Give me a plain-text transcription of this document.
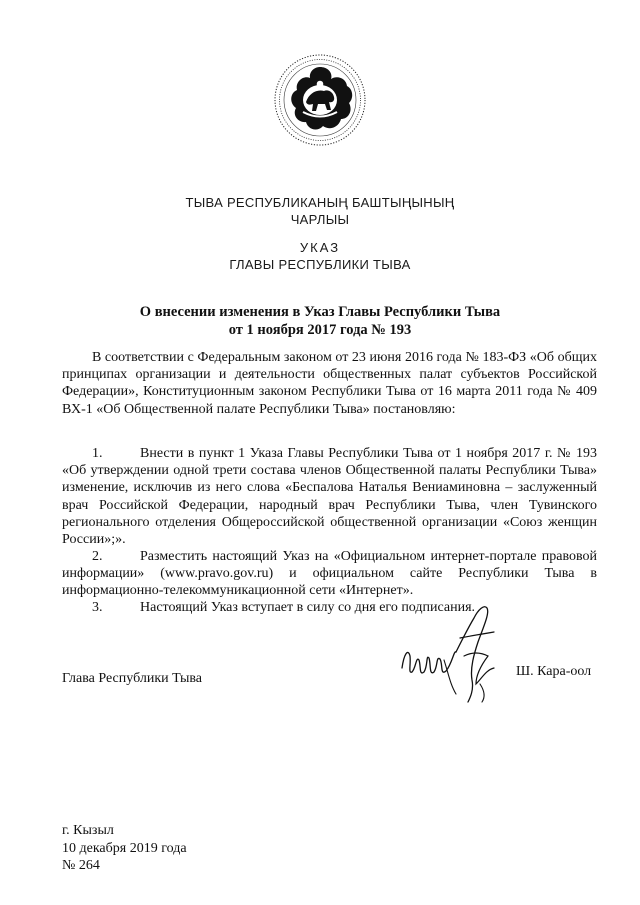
ТЫВА РЕСПУБЛИКАНЫҢ БАШТЫҢЫНЫҢ
ЧАРЛЫЫ
УКАЗ
ГЛАВЫ РЕСПУБЛИКИ ТЫВА
О внесении изменения в Указ Главы Республики Тыва
от 1 ноября 2017 года № 193
В соответствии с Федеральным законом от 23 июня 2016 года № 183-ФЗ «Об общих принципах организации и деятельности общественных палат субъектов Российской Федерации», Конституционным законом Республики Тыва от 16 марта 2011 года № 409 ВХ-1 «Об Общественной палате Республики Тыва» постановляю:
1.	Внести в пункт 1 Указа Главы Республики Тыва от 1 ноября 2017 г. № 193 «Об утверждении одной трети состава членов Общественной палаты Республики Тыва» изменение, исключив из него слова «Беспалова Наталья Вениаминовна – заслуженный врач Российской Федерации, народный врач Республики Тыва, член Тувинского регионального отделения Общероссийской общественной организации «Союз женщин России»;».
2.	Разместить настоящий Указ на «Официальном интернет-портале правовой информации» (www.pravo.gov.ru) и официальном сайте Республики Тыва в информационно-телекоммуникационной сети «Интернет».
3.	Настоящий Указ вступает в силу со дня его подписания.
Глава Республики Тыва	Ш. Кара-оол
г. Кызыл
10 декабря 2019 года
№ 264
